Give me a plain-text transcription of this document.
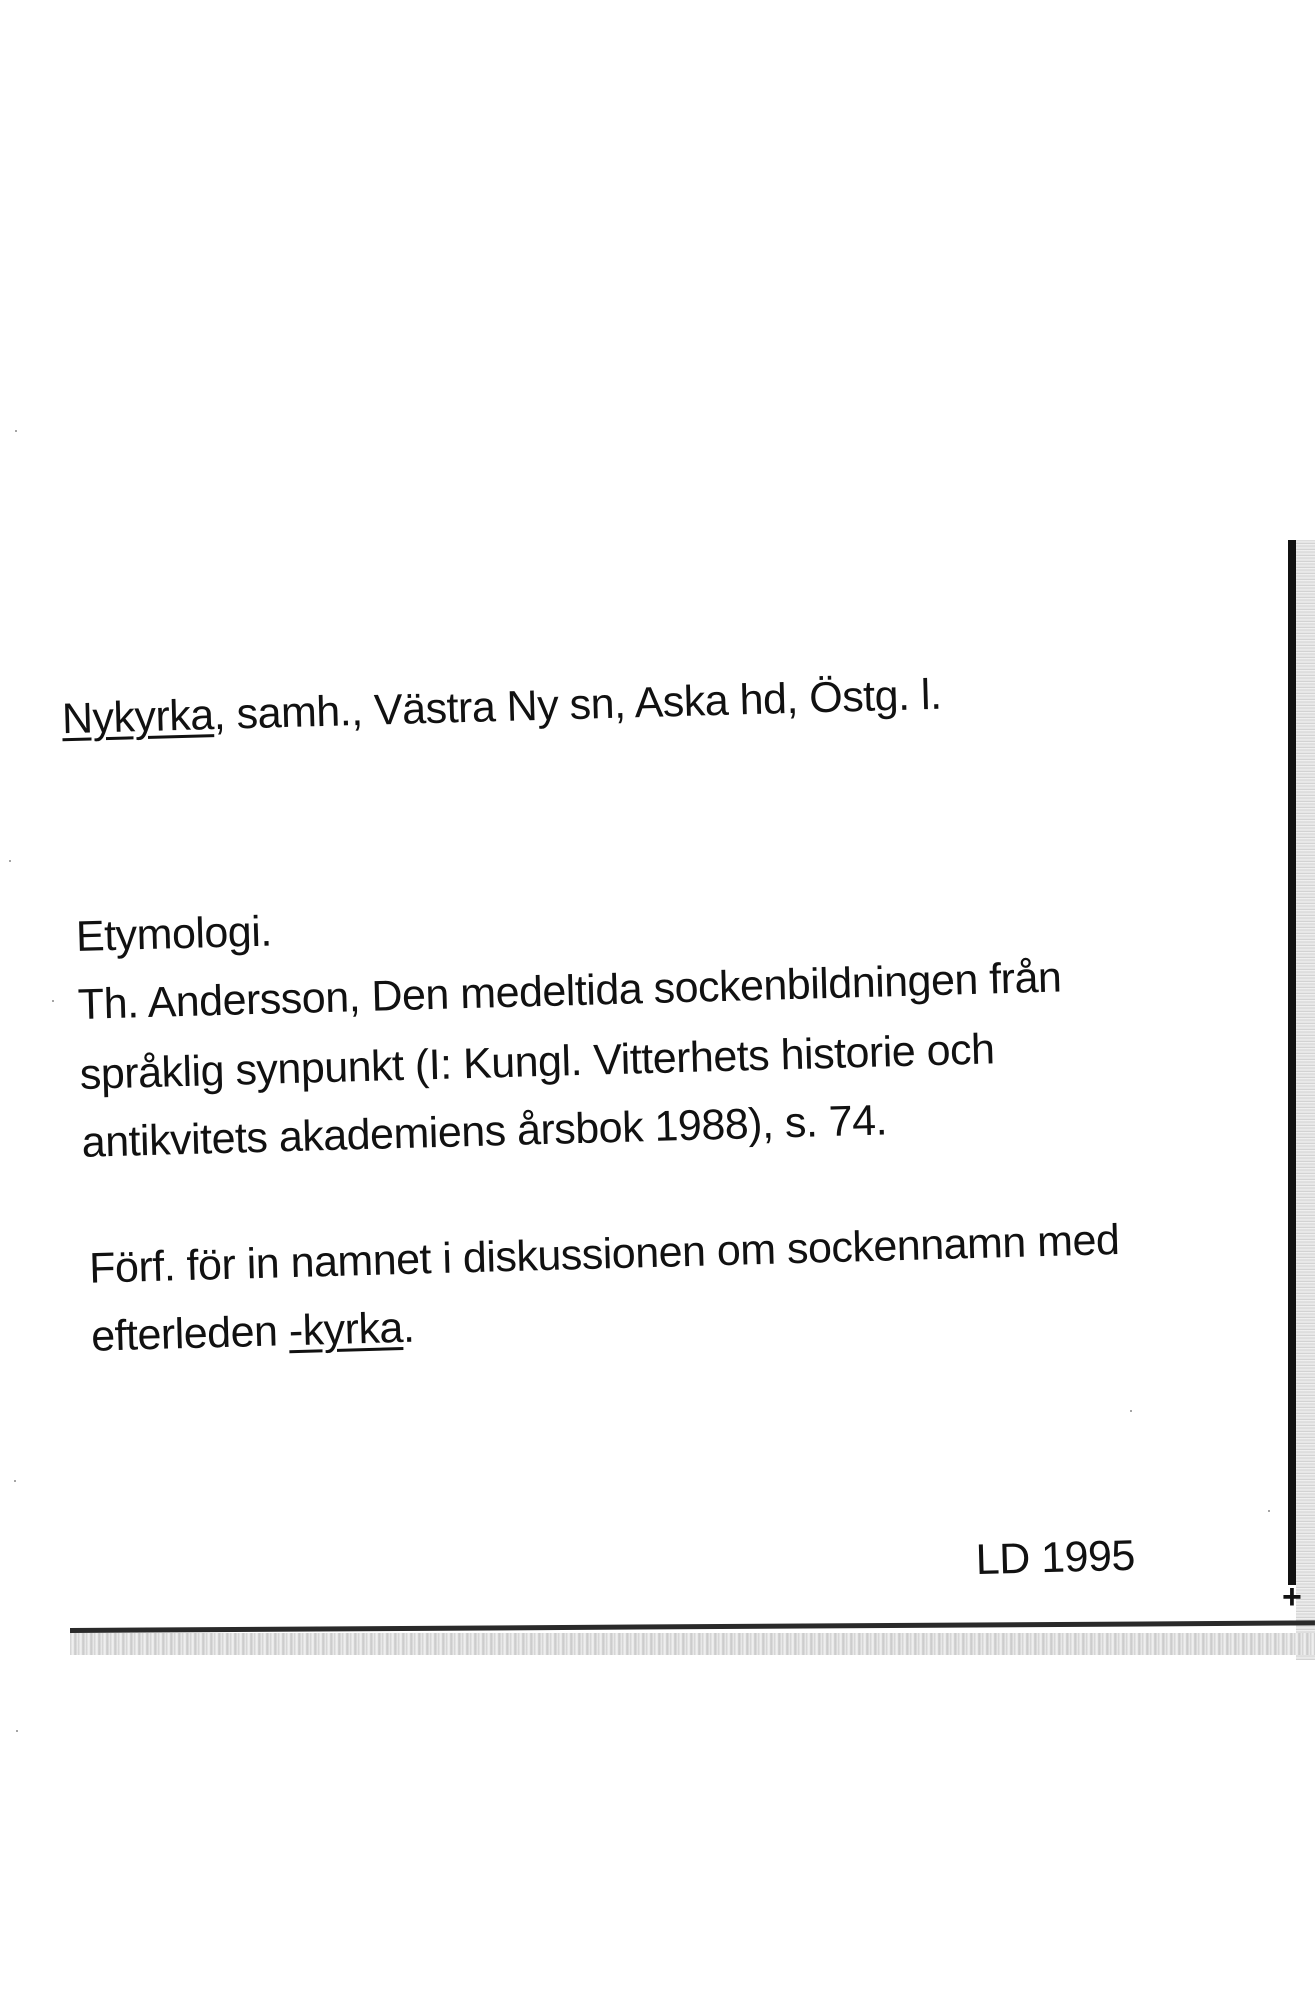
+
Nykyrka, samh., Västra Ny sn, Aska hd, Östg. l.
Etymologi.
Th. Andersson, Den medeltida sockenbildningen från
språklig synpunkt (I: Kungl. Vitterhets historie och
antikvitets akademiens årsbok 1988), s. 74.
Förf. för in namnet i diskussionen om sockennamn med
efterleden -kyrka.
LD 1995
